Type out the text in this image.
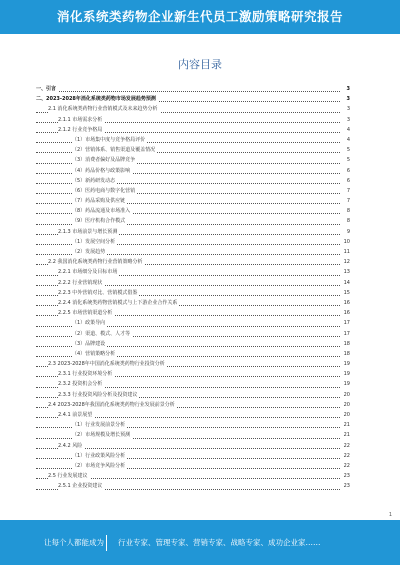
消化系统类药物企业新生代员工激励策略研究报告
内容目录
一、引言	3
二、2023-2028年消化系统类药物市场发展趋势预测	3
2.1 消化系统类药物行业营销模式及未来趋势分析	3
2.1.1 市场需求分析	3
2.1.2 行业竞争格局	4
（1）市场集中度与竞争格局评价	4
（2）营销体系、销售渠道及覆盖情况	5
（3）消费者偏好及品牌竞争	5
（4）药品价格与政策影响	6
（5）新药研发动态	6
（6）医药电商与数字化营销	7
（7）药品采购及供应链	7
（8）药品流通及市场准入	8
（9）医疗机构合作模式	8
2.1.3 市场前景与增长预测	9
（1）发展空间分析	10
（2）发展趋势	11
2.2 我国消化系统类药物行业营销策略分析	12
2.2.1 市场细分及目标市场	13
2.2.2 行业营销现状	14
2.2.3 中外营销对比、营销模式借鉴	15
2.2.4 消化系统类药物营销模式与上下游企业合作关系	16
2.2.5 市场营销渠道分析	16
（1）政策导向	17
（2）渠道、模式、人才等	17
（3）品牌建设	18
（4）营销策略分析	18
2.3 2023-2028年中国消化系统类药物行业投资分析	19
2.3.1 行业投资环境分析	19
2.3.2 投资机会分析	19
2.3.3 行业投资风险分析及投资建议	20
2.4 2023-2028年我国消化系统类药物行业发展前景分析	20
2.4.1 前景展望	20
（1）行业发展前景分析	21
（2）市场规模及增长预测	21
2.4.2 风险	22
（1）行业政策风险分析	22
（2）市场竞争风险分析	22
2.5 行业发展建议	23
2.5.1 企业投资建议	23
1
让每个人都能成为 行业专家、管理专家、营销专家、战略专家、成功企业家……
